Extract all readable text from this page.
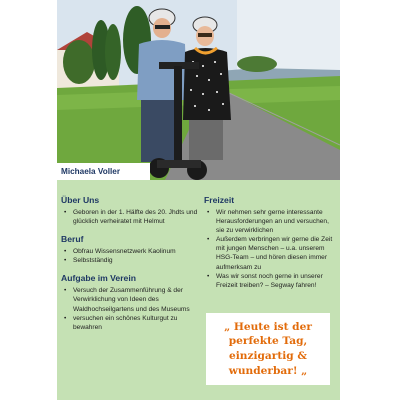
Michaela Voller
Über Uns
• Geboren in der 1. Hälfte des 20. Jhdts und glücklich verheiratet mit Helmut
Beruf
• Obfrau Wissensnetzwerk Kaolinum
• Selbstständig
Aufgabe im Verein
• Versuch der Zusammenführung & der Verwirklichung von Ideen des Waldhochseilgartens und des Museums
• versuchen ein schönes Kulturgut zu bewahren
Freizeit
• Wir nehmen sehr gerne interessante Herausforderungen an und versuchen, sie zu verwirklichen
• Außerdem verbringen wir gerne die Zeit mit jungen Menschen – u.a. unserem HSG-Team – und hören diesen immer aufmerksam zu
• Was wir sonst noch gerne in unserer Freizeit treiben? – Segway fahren!
„ Heute ist der perfekte Tag, einzigartig & wunderbar! „
